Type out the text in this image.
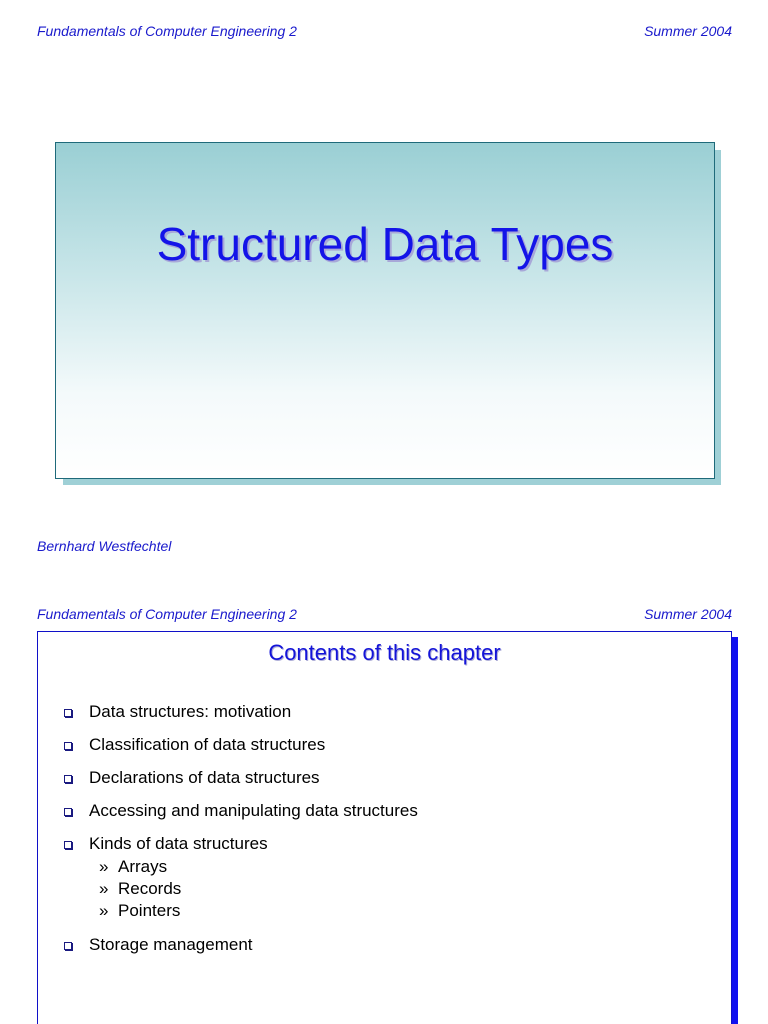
Fundamentals of Computer Engineering 2	Summer 2004
Structured Data Types
Bernhard Westfechtel
Fundamentals of Computer Engineering 2	Summer 2004
Contents of this chapter
Data structures: motivation
Classification of data structures
Declarations of data structures
Accessing and manipulating data structures
Kinds of data structures
» Arrays
» Records
» Pointers
Storage management
